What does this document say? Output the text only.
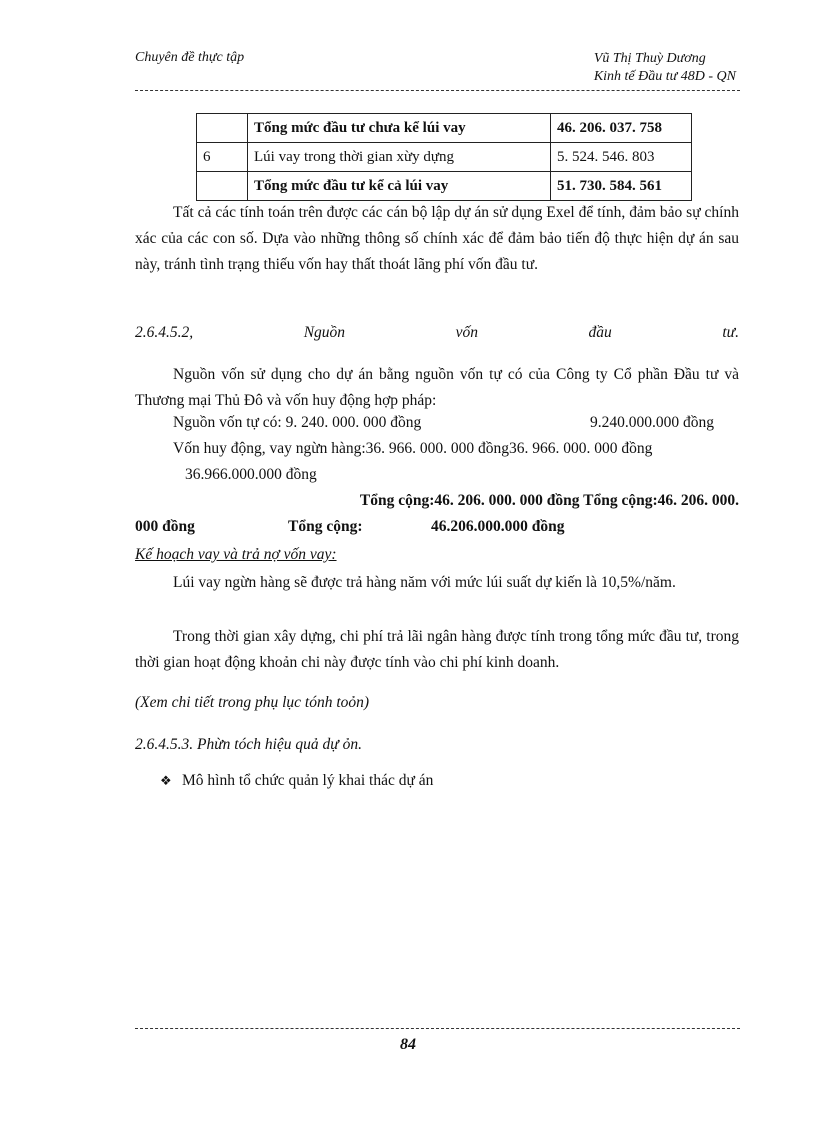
Chuyên đề thực tập	Vũ Thị Thuỳ Dương
Kinh tế Đầu tư 48D - QN
	Tổng mức đầu tư chưa kể lúi vay	46. 206. 037. 758
6	Lúi vay trong thời gian xừy dựng	5. 524. 546. 803
	Tổng mức đầu tư kể cả lúi vay	51. 730. 584. 561
Tất cả các tính toán trên được các cán bộ lập dự án sử dụng Exel để tính, đảm bảo sự chính xác của các con số. Dựa vào những thông số chính xác để đảm bảo tiến độ thực hiện dự án sau này, tránh tình trạng thiếu vốn hay thất thoát lãng phí vốn đầu tư.
2.6.4.5.2,	Nguồn	vốn	đầu	tư.
Nguồn vốn sử dụng cho dự án bằng nguồn vốn tự có của Công ty Cổ phần Đầu tư và Thương mại Thủ Đô và vốn huy động hợp pháp:
Nguồn vốn tự có: 9. 240. 000. 000 đồng	9.240.000.000 đồng
Vốn huy động, vay ngừn hàng:36. 966. 000. 000 đồng36. 966. 000. 000 đồng
36.966.000.000 đồng
Tổng cộng:46. 206. 000. 000 đồng Tổng cộng:46. 206. 000.
000 đồng	Tổng cộng:	46.206.000.000 đồng
Kế hoạch vay và trả nợ vốn vay:
Lúi vay ngừn hàng sẽ được trả hàng năm với mức lúi suất dự kiến là 10,5%/năm.
Trong thời gian xây dựng, chi phí trả lãi ngân hàng được tính trong tổng mức đầu tư, trong thời gian hoạt động khoản chi này được tính vào chi phí kinh doanh.
(Xem chi tiết trong phụ lục tónh toỏn)
2.6.4.5.3. Phừn tóch hiệu quả dự ỏn.
❖ Mô hình tổ chức quản lý khai thác dự án
84
